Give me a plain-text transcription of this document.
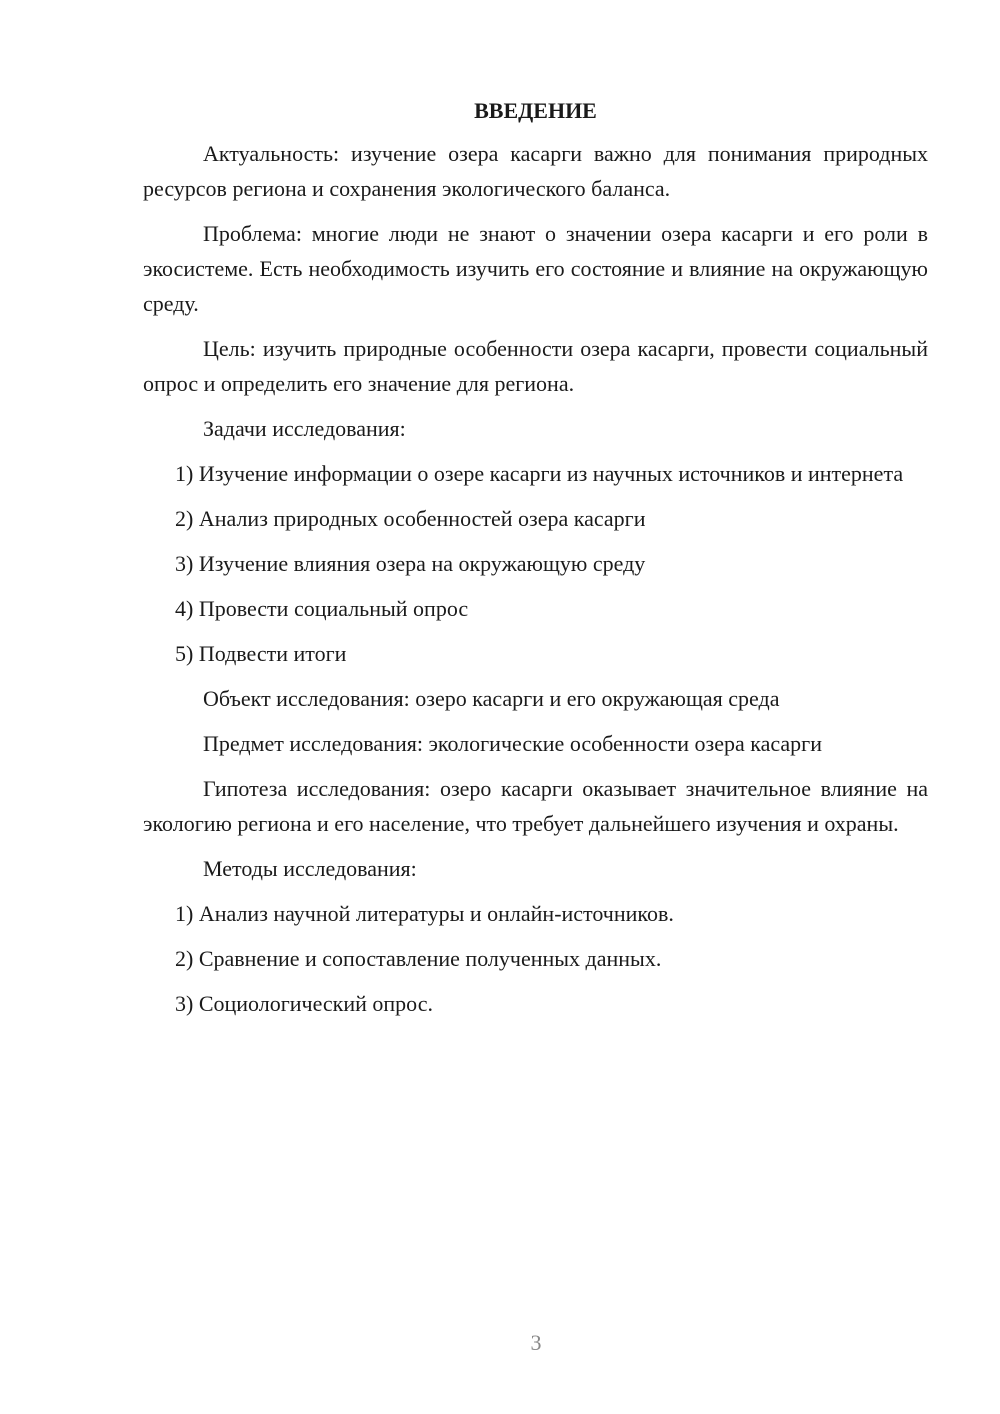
ВВЕДЕНИЕ

Актуальность: изучение озера касарги важно для понимания природных ресурсов региона и сохранения экологического баланса.

Проблема: многие люди не знают о значении озера касарги и его роли в экосистеме. Есть необходимость изучить его состояние и влияние на окружающую среду.

Цель: изучить природные особенности озера касарги, провести социальный опрос и определить его значение для региона.

Задачи исследования:

1) Изучение информации о озере касарги из научных источников и интернета

2) Анализ природных особенностей озера касарги

3) Изучение влияния озера на окружающую среду

4) Провести социальный опрос

5) Подвести итоги

Объект исследования: озеро касарги и его окружающая среда

Предмет исследования: экологические особенности озера касарги

Гипотеза исследования: озеро касарги оказывает значительное влияние на экологию региона и его население, что требует дальнейшего изучения и охраны.

Методы исследования:

1) Анализ научной литературы и онлайн-источников.

2) Сравнение и сопоставление полученных данных.

3) Социологический опрос.

3
